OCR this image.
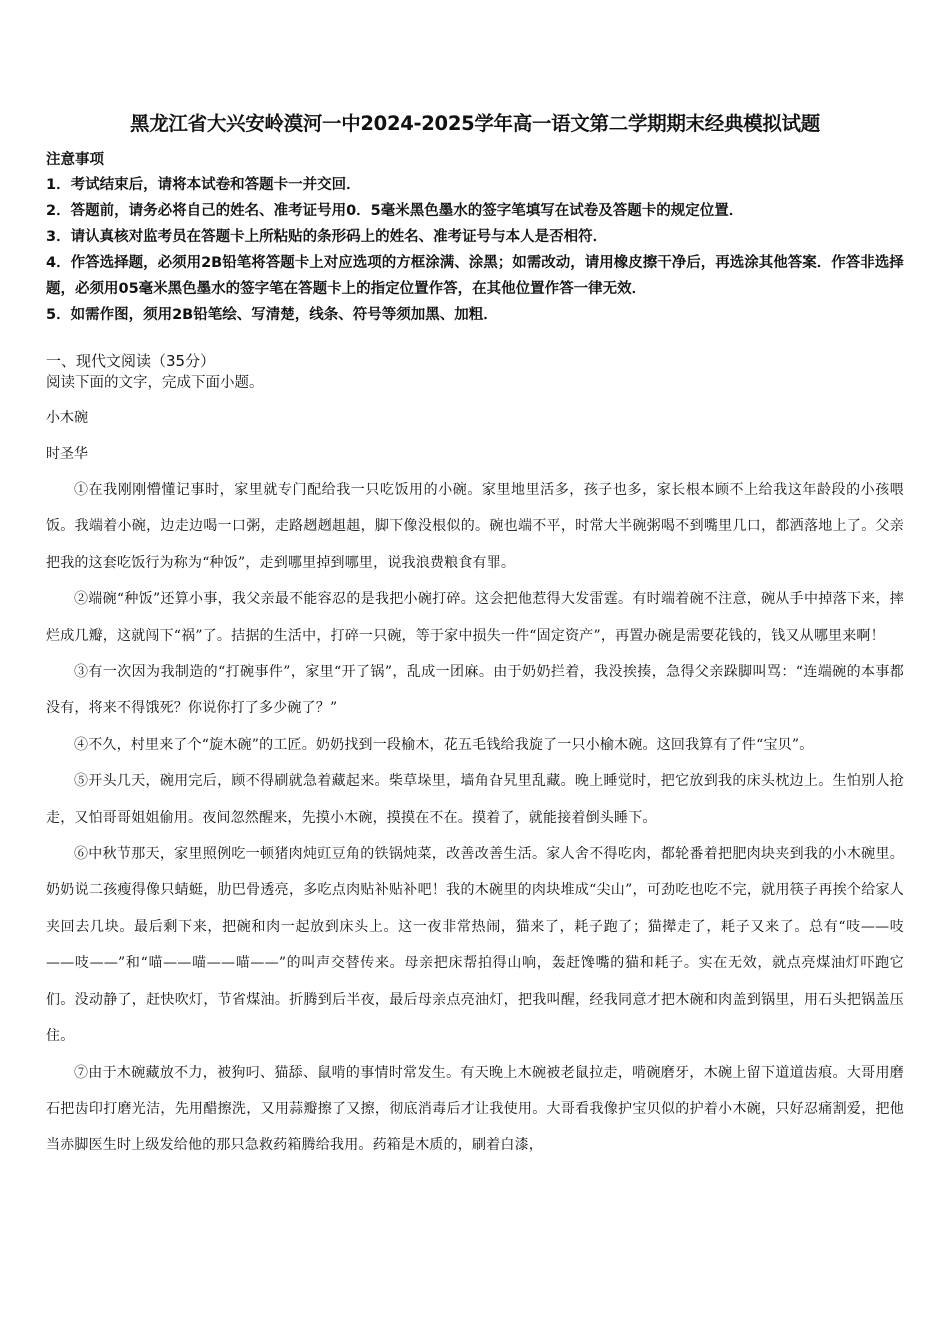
黑龙江省大兴安岭漠河一中2024-2025学年高一语文第二学期期末经典模拟试题

注意事项

1．考试结束后，请将本试卷和答题卡一并交回．
2．答题前，请务必将自己的姓名、准考证号用0．5毫米黑色墨水的签字笔填写在试卷及答题卡的规定位置．
3．请认真核对监考员在答题卡上所粘贴的条形码上的姓名、准考证号与本人是否相符．
4．作答选择题，必须用2B铅笔将答题卡上对应选项的方框涂满、涂黑；如需改动，请用橡皮擦干净后，再选涂其他答案．作答非选择题，必须用05毫米黑色墨水的签字笔在答题卡上的指定位置作答，在其他位置作答一律无效．
5．如需作图，须用2B铅笔绘、写清楚，线条、符号等须加黑、加粗．

一、现代文阅读（35分）

阅读下面的文字，完成下面小题。

小木碗

时圣华

①在我刚刚懵懂记事时，家里就专门配给我一只吃饭用的小碗。家里地里活多，孩子也多，家长根本顾不上给我这年龄段的小孩喂饭。我端着小碗，边走边喝一口粥，走路趔趔趄趄，脚下像没根似的。碗也端不平，时常大半碗粥喝不到嘴里几口，都洒落地上了。父亲把我的这套吃饭行为称为“种饭”，走到哪里掉到哪里，说我浪费粮食有罪。

②端碗“种饭”还算小事，我父亲最不能容忍的是我把小碗打碎。这会把他惹得大发雷霆。有时端着碗不注意，碗从手中掉落下来，摔烂成几瓣，这就闯下“祸”了。拮据的生活中，打碎一只碗，等于家中损失一件“固定资产”，再置办碗是需要花钱的，钱又从哪里来啊！

③有一次因为我制造的“打碗事件”，家里“开了锅”，乱成一团麻。由于奶奶拦着，我没挨揍，急得父亲跺脚叫骂：“连端碗的本事都没有，将来不得饿死？你说你打了多少碗了？”

④不久，村里来了个“旋木碗”的工匠。奶奶找到一段榆木，花五毛钱给我旋了一只小榆木碗。这回我算有了件“宝贝”。

⑤开头几天，碗用完后，顾不得刷就急着藏起来。柴草垛里，墙角旮旯里乱藏。晚上睡觉时，把它放到我的床头枕边上。生怕别人抢走，又怕哥哥姐姐偷用。夜间忽然醒来，先摸小木碗，摸摸在不在。摸着了，就能接着倒头睡下。

⑥中秋节那天，家里照例吃一顿猪肉炖豇豆角的铁锅炖菜，改善改善生活。家人舍不得吃肉，都轮番着把肥肉块夹到我的小木碗里。奶奶说二孩瘦得像只蜻蜓，肋巴骨透亮，多吃点肉贴补贴补吧！我的木碗里的肉块堆成“尖山”，可劲吃也吃不完，就用筷子再挨个给家人夹回去几块。最后剩下来，把碗和肉一起放到床头上。这一夜非常热闹，猫来了，耗子跑了；猫撵走了，耗子又来了。总有“吱——吱——吱——”和“喵——喵——喵——”的叫声交替传来。母亲把床帮拍得山响，轰赶馋嘴的猫和耗子。实在无效，就点亮煤油灯吓跑它们。没动静了，赶快吹灯，节省煤油。折腾到后半夜，最后母亲点亮油灯，把我叫醒，经我同意才把木碗和肉盖到锅里，用石头把锅盖压住。

⑦由于木碗藏放不力，被狗叼、猫舔、鼠啃的事情时常发生。有天晚上木碗被老鼠拉走，啃碗磨牙，木碗上留下道道齿痕。大哥用磨石把齿印打磨光洁，先用醋擦洗，又用蒜瓣擦了又擦，彻底消毒后才让我使用。大哥看我像护宝贝似的护着小木碗，只好忍痛割爱，把他当赤脚医生时上级发给他的那只急救药箱腾给我用。药箱是木质的，刷着白漆，
